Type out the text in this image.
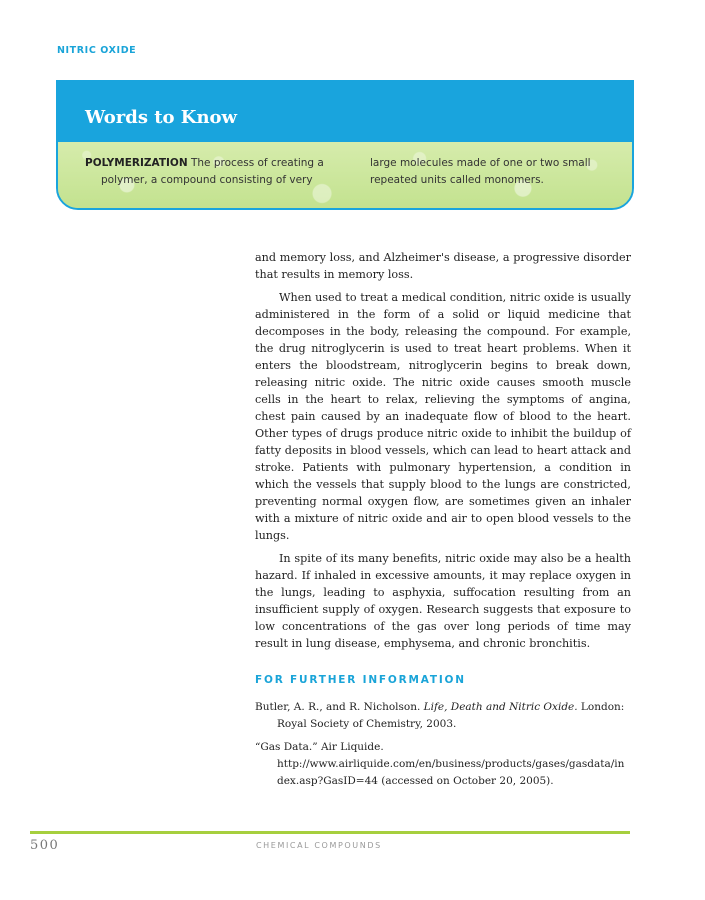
NITRIC OXIDE
Words to Know
POLYMERIZATION The process of creating a
polymer, a compound consisting of very
large molecules made of one or two small
repeated units called monomers.

and memory loss, and Alzheimer's disease, a progressive disorder that results in memory loss.

When used to treat a medical condition, nitric oxide is usually administered in the form of a solid or liquid medicine that decomposes in the body, releasing the compound. For example, the drug nitroglycerin is used to treat heart problems. When it enters the bloodstream, nitroglycerin begins to break down, releasing nitric oxide. The nitric oxide causes smooth muscle cells in the heart to relax, relieving the symptoms of angina, chest pain caused by an inadequate flow of blood to the heart. Other types of drugs produce nitric oxide to inhibit the buildup of fatty deposits in blood vessels, which can lead to heart attack and stroke. Patients with pulmonary hypertension, a condition in which the vessels that supply blood to the lungs are constricted, preventing normal oxygen flow, are sometimes given an inhaler with a mixture of nitric oxide and air to open blood vessels to the lungs.

In spite of its many benefits, nitric oxide may also be a health hazard. If inhaled in excessive amounts, it may replace oxygen in the lungs, leading to asphyxia, suffocation resulting from an insufficient supply of oxygen. Research suggests that exposure to low concentrations of the gas over long periods of time may result in lung disease, emphysema, and chronic bronchitis.

FOR FURTHER INFORMATION

Butler, A. R., and R. Nicholson. Life, Death and Nitric Oxide. London: Royal Society of Chemistry, 2003.

“Gas Data.” Air Liquide.
http://www.airliquide.com/en/business/products/gases/gasdata/index.asp?GasID=44 (accessed on October 20, 2005).

500	CHEMICAL COMPOUNDS
